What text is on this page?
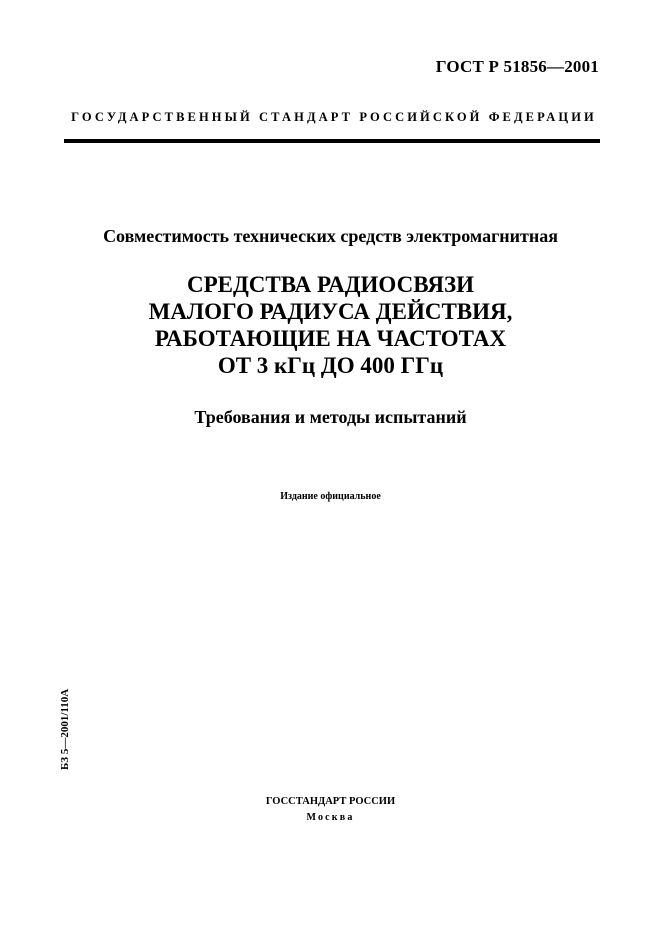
ГОСТ Р 51856—2001
ГОСУДАРСТВЕННЫЙ СТАНДАРТ РОССИЙСКОЙ ФЕДЕРАЦИИ
Совместимость технических средств электромагнитная
СРЕДСТВА РАДИОСВЯЗИ
МАЛОГО РАДИУСА ДЕЙСТВИЯ,
РАБОТАЮЩИЕ НА ЧАСТОТАХ
ОТ 3 кГц ДО 400 ГГц
Требования и методы испытаний
Издание официальное
БЗ 5—2001/110А
ГОССТАНДАРТ РОССИИ
Москва
